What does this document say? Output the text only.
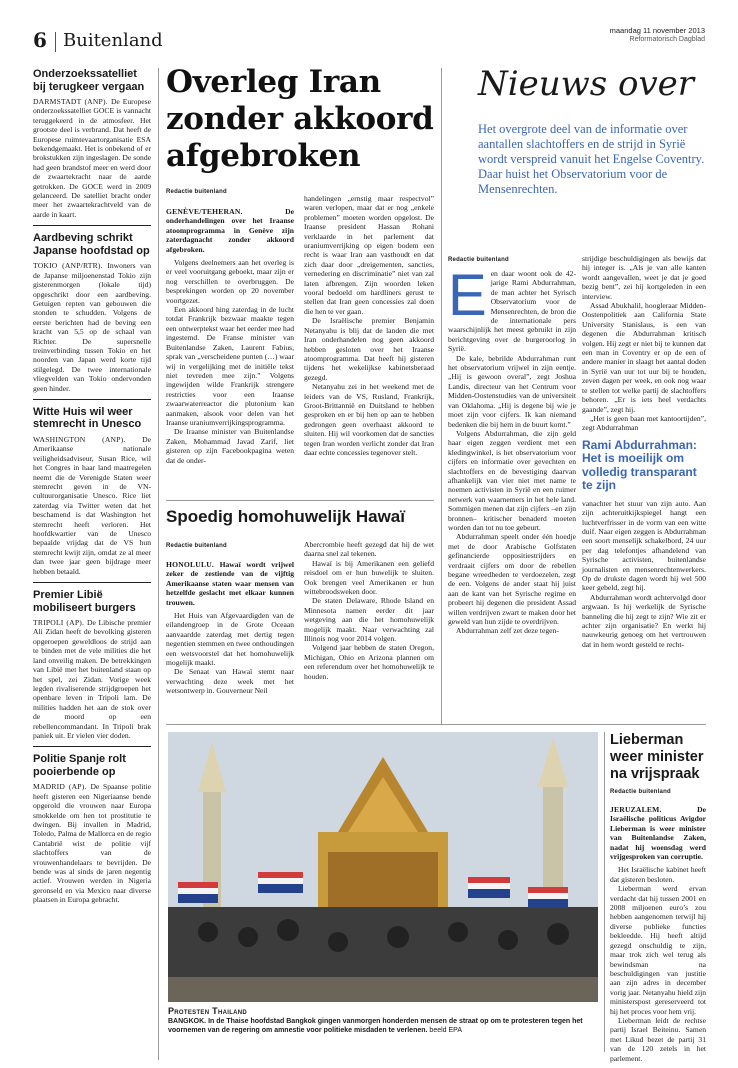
6 Buitenland	maandag 11 november 2013
Reformatorisch Dagblad
Onderzoekssatelliet bij terugkeer vergaan
DARMSTADT (ANP). De Europese onderzoekssatelliet GOCE is vannacht teruggekeerd in de atmosfeer. Het grootste deel is verbrand. Dat heeft de Europese ruimtevaartorganisatie ESA bekendgemaakt. Het is onbekend of er brokstukken zijn ingeslagen. De sonde had geen brandstof meer en werd door de zwaartekracht naar de aarde getrokken. De GOCE werd in 2009 gelanceerd. De satelliet bracht onder meer het zwaartekrachtveld van de aarde in kaart.
Aardbeving schrikt Japanse hoofdstad op
TOKIO (ANP/RTR). Inwoners van de Japanse miljoenenstad Tokio zijn gisterenmorgen (lokale tijd) opgeschrikt door een aardbeving. Getuigen repten van gebouwen die stonden te schudden. Volgens de eerste berichten had de beving een kracht van 5,5 op de schaal van Richter. De supersnelle treinverbinding tussen Tokio en het noorden van Japan werd korte tijd stilgelegd. De twee internationale vliegvelden van Tokio ondervonden geen hinder.
Witte Huis wil weer stemrecht in Unesco
WASHINGTON (ANP). De Amerikaanse nationale veiligheidsadviseur, Susan Rice, wil het Congres in haar land maatregelen neemt die de Verenigde Staten weer stemrecht geven in de VN-cultuurorganisatie Unesco. Rice liet zaterdag via Twitter weten dat het beschamend is dat Washington het stemrecht heeft verloren. Het hoofdkwartier van de Unesco bepaalde vrijdag dat de VS hun stemrecht kwijt zijn, omdat ze al meer dan twee jaar geen bijdrage meer hebben betaald.
Premier Libië mobiliseert burgers
TRIPOLI (AP). De Libische premier Ali Zidan heeft de bevolking gisteren opgeroepen geweldloos de strijd aan te binden met de vele milities die het land onveilig maken. De betrekkingen van Libië met het buitenland staan op het spel, zei Zidan. Vorige week legden rivaliserende strijdgroepen het openbare leven in Tripoli lam. De milities hadden het aan de stok over de moord op een rebellencommandant. In Tripoli brak paniek uit. Er vielen vier doden.
Politie Spanje rolt pooierbende op
MADRID (AP). De Spaanse politie heeft gisteren een Nigeriaanse bende opgerold die vrouwen naar Europa smokkelde om hen tot prostitutie te dwingen. Bij invallen in Madrid, Toledo, Palma de Mallorca en de regio Cantabrië wist de politie vijf slachtoffers van de vrouwenhandelaars te bevrijden. De bende was al sinds de jaren negentig actief. Vrouwen werden in Nigeria geronseld en via Mexico naar diverse plaatsen in Europa gebracht.
Overleg Iran zonder akkoord afgebroken
Redactie buitenland

GENÈVE/TEHERAN.	De onderhandelingen over het Iraanse atoomprogramma in Genève zijn zaterdagnacht zonder akkoord afgebroken.

Volgens deelnemers aan het overleg is er veel vooruitgang geboekt, maar zijn er nog verschillen te overbruggen. De besprekingen worden op 20 november voortgezet.

Een akkoord hing zaterdag in de lucht totdat Frankrijk bezwaar maakte tegen een ontwerptekst waar het eerder mee had ingestemd. De Franse minister van Buitenlandse Zaken, Laurent Fabius, sprak van „verscheidene punten (…) waar wij in vergelijking met de initiële tekst niet tevreden mee zijn.” Volgens ingewijden wilde Frankrijk strengere restricties voor een Iraanse zwaarwaterreactor die plutonium kan aanmaken, alsook voor delen van het Iraanse uraniumverrijkingsprogramma.

De Iraanse minister van Buitenlandse Zaken, Mohammad Javad Zarif, liet gisteren op zijn Facebookpagina weten dat de onder-

handelingen „ernstig maar respectvol” waren verlopen, maar dat er nog „enkele problemen” moeten worden opgelost. De Iraanse president Hassan Rohani verklaarde in het parlement dat uraniumverrijking op eigen bodem een recht is waar Iran aan vasthoudt en dat zich daar door „dreigementen, sancties, vernedering en discriminatie” niet van zal laten afbrengen. Zijn woorden leken vooral bedoeld om hardliners gerust te stellen dat Iran geen concessies zal doen die hen te ver gaan.

De Israëlische premier Benjamin Netanyahu is blij dat de landen die met Iran onderhandelen nog geen akkoord hebben gesloten over het Iraanse atoomprogramma. Dat heeft hij gisteren tijdens het wekelijkse kabinetsberaad gezegd.

Netanyahu zei in het weekend met de leiders van de VS, Rusland, Frankrijk, Groot-Brittannië en Duitsland te hebben gesproken en er bij hen op aan te hebben gedrongen geen overhaast akkoord te sluiten. Hij wil voorkomen dat de sancties tegen Iran worden verlicht zonder dat Iran daar echte concessies tegenover stelt.

Spoedig homohuwelijk Hawaï
Redactie buitenland

HONOLULU. Hawaï wordt vrijwel zeker de zestiende van de vijftig Amerikaanse staten waar mensen van hetzelfde geslacht met elkaar kunnen trouwen.

Het Huis van Afgevaardigden van de eilandengroep in de Grote Oceaan aanvaardde zaterdag met dertig tegen negentien stemmen en twee onthoudingen een wetsvoorstel dat het homohuwelijk mogelijk maakt.

De Senaat van Hawaï stemt naar verwachting deze week met het wetsontwerp in. Gouverneur Neil

Abercrombie heeft gezegd dat hij de wet daarna snel zal tekenen.

Hawaï is bij Amerikanen een geliefd reisdoel om er hun huwelijk te sluiten. Ook brengen veel Amerikanen er hun wittebroodsweken door.

De staten Delaware, Rhode Island en Minnesota namen eerder dit jaar wetgeving aan die het homohuwelijk mogelijk maakt. Naar verwachting zal Illinois nog voor 2014 volgen.

Volgend jaar hebben de staten Oregon, Michigan, Ohio en Arizona plannen om een referendum over het homohuwelijk te houden.

Nieuws over
Het overgrote deel van de informatie over aantallen slachtoffers en de strijd in Syrië wordt verspreid vanuit het Engelse Coventry. Daar huist het Observatorium voor de Mensenrechten.
Redactie buitenland
E en daar woont ook de 42-jarige Rami Abdurrahman, de man achter het Syrisch Observatorium voor de Mensenrechten, de bron die de internationale pers waarschijnlijk het meest gebruikt in zijn berichtgeving over de burgeroorlog in Syrië.

De kale, bebrilde Abdurrahman runt het observatorium vrijwel in zijn eentje. „Hij is gewoon overal”, zegt Joshua Landis, directeur van het Centrum voor Midden-Oostenstudies van de universiteit van Oklahoma. „Hij is degene bij wie je moet zijn voor cijfers. Ik kan niemand bedenken die bij hem in de buurt komt.”

Volgens Abdurrahman, die zijn geld haar eigen zeggen verdient met een kledingwinkel, is het observatorium voor cijfers en informatie over gevechten en slachtoffers en de bevestiging daarvan afhankelijk van vier niet met name te noemen activisten in Syrië en een ruimer netwerk van waarnemers in het hele land. Sommigen menen dat zijn cijfers –en zijn bronnen– kritischer benaderd moeten worden dan tot nu toe gebeurt.

Abdurrahman speelt onder één hoedje met de door Arabische Golfstaten gefinancierde oppositiestrijders en verdraait cijfers om door de rebellen begane wreedheden te verdoezelen, zegt de een. Volgens de ander staat hij juist aan de kant van het Syrische regime en probeert hij degenen die president Assad willen verdrijven zwart te maken door het geweld van hun zijde te overdrijven.

Abdurrahman zelf zet deze tegen-

strijdige beschuldigingen als bewijs dat hij integer is. „Als je van alle kanten wordt aangevallen, weet je dat je goed bezig bent”, zei hij kortgeleden in een interview.

Assad Abukhalil, hoogleraar Midden-Oostenpolitiek aan California State University Stanislaus, is een van degenen die Abdurrahman kritisch volgen. Hij zegt er niet bij te kunnen dat een man in Coventry er op de een of andere manier in slaagt het aantal doden in Syrië van uur tot uur bij te houden, zeven dagen per week, en ook nog waar te stellen tot welke partij de slachtoffers behoren. „Er is iets heel verdachts gaande”, zegt hij.

„Het is geen baan met kantoortijden”, zegt Abdurrahman

Rami Abdurrahman: Het is moeilijk om volledig transparant te zijn

vanachter het stuur van zijn auto. Aan zijn achteruitkijkspiegel hangt een luchtverfrisser in de vorm van een witte duif. Naar eigen zeggen is Abdurrahman een soort menselijk schakelbord, 24 uur per dag telefontjes afhandelend van Syrische activisten, buitenlandse journalisten en mensenrechtenwerkers. Op de drukste dagen wordt hij wel 500 keer gebeld, zegt hij.

Abdurrahman wordt achtervolgd door argwaan. Is hij werkelijk de Syrische banneling die hij zegt te zijn? Wie zit er achter zijn organisatie? En werkt hij nauwkeurig genoeg om het vertrouwen dat in hem wordt gesteld te recht-

Protesten Thailand
BANGKOK. In de Thaise hoofdstad Bangkok gingen vanmorgen honderden mensen de straat op om te protesteren tegen het voornemen van de regering om amnestie voor politieke misdaden te verlenen. beeld EPA
Lieberman weer minister na vrijspraak
Redactie buitenland

JERUZALEM.	De Israëlische politicus Avigdor Lieberman is weer minister van Buitenlandse Zaken, nadat hij woensdag werd vrijgesproken van corruptie.

Het Israëlische kabinet heeft dat gisteren besloten.

Lieberman werd ervan verdacht dat hij tussen 2001 en 2008 miljoenen euro’s zou hebben aangenomen terwijl hij diverse publieke functies bekleedde. Hij heeft altijd gezegd onschuldig te zijn, maar trok zich wel terug als bewindsman na beschuldigingen van justitie aan zijn adres in december vorig jaar. Netanyahu hield zijn ministerspost gereserveerd tot hij het proces voor hem vrij.

Lieberman leidt de rechtse partij Israel Beiteinu. Samen met Likud bezet de partij 31 van de 120 zetels in het parlement.
